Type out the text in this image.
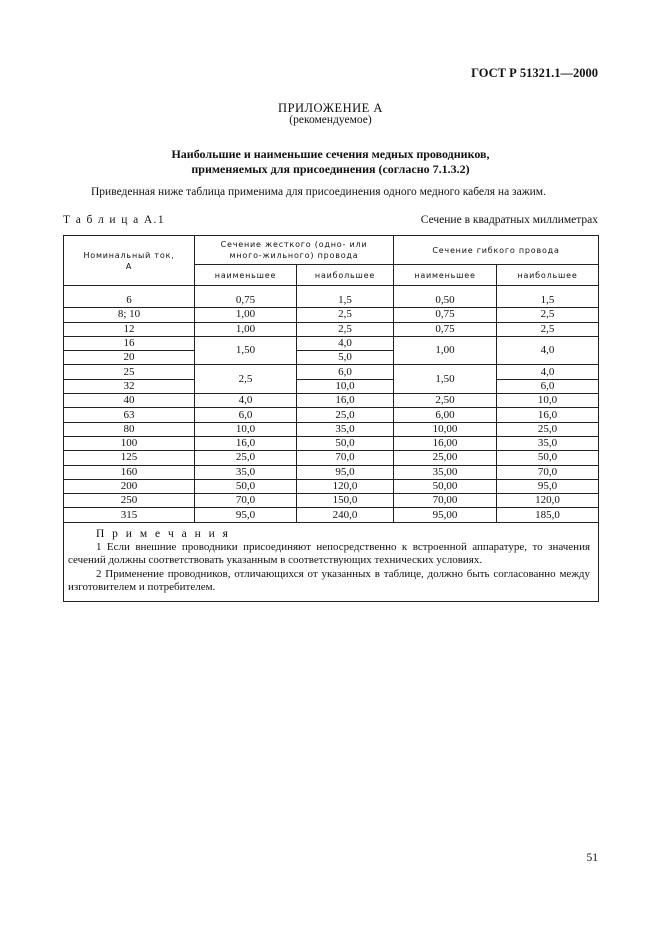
ГОСТ Р 51321.1—2000
ПРИЛОЖЕНИЕ А
(рекомендуемое)
Наибольшие и наименьшие сечения медных проводников,
применяемых для присоединения (согласно 7.1.3.2)
Приведенная ниже таблица применима для присоединения одного медного кабеля на зажим.
Т а б л и ц а А.1	Сечение в квадратных миллиметрах
Номинальный ток, А	Сечение жесткого (одно- или много-жильного) провода		Сечение гибкого провода	
	наименьшее	наибольшее	наименьшее	наибольшее

6	0,75	1,5	0,50	1,5
8; 10	1,00	2,5	0,75	2,5
12	1,00	2,5	0,75	2,5
16	1,50	4,0	1,00	4,0
20		5,0		
25	2,5	6,0	1,50	4,0
32		10,0		6,0
40	4,0	16,0	2,50	10,0
63	6,0	25,0	6,00	16,0
80	10,0	35,0	10,00	25,0
100	16,0	50,0	16,00	35,0
125	25,0	70,0	25,00	50,0
160	35,0	95,0	35,00	70,0
200	50,0	120,0	50,00	95,0
250	70,0	150,0	70,00	120,0
315	95,0	240,0	95,00	185,0

П р и м е ч а н и я
1 Если внешние проводники присоединяют непосредственно к встроенной аппаратуре, то значения сечений должны соответствовать указанным в соответствующих технических условиях.
2 Применение проводников, отличающихся от указанных в таблице, должно быть согласованно между изготовителем и потребителем.				
51
